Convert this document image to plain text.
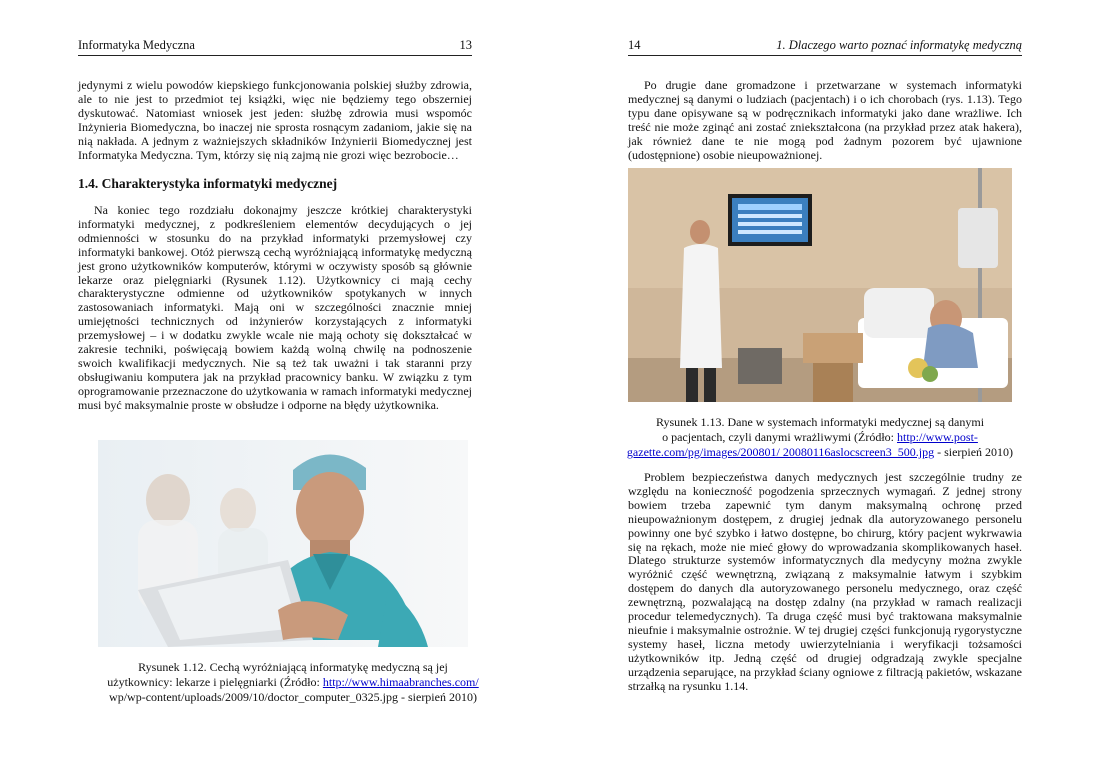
Informatyka Medyczna	13

jedynymi z wielu powodów kiepskiego funkcjonowania polskiej służby zdrowia, ale to nie jest to przedmiot tej książki, więc nie będziemy tego obszerniej dyskutować. Natomiast wniosek jest jeden: służbę zdrowia musi wspomóc Inżynieria Biomedyczna, bo inaczej nie sprosta rosnącym zadaniom, jakie się na nią nakłada. A jednym z ważniejszych składników Inżynierii Biomedycznej jest Informatyka Medyczna. Tym, którzy się nią zajmą nie grozi więc bezrobocie…

1.4. Charakterystyka informatyki medycznej

Na koniec tego rozdziału dokonajmy jeszcze krótkiej charakterystyki informatyki medycznej, z podkreśleniem elementów decydujących o jej odmienności w stosunku do na przykład informatyki przemysłowej czy informatyki bankowej. Otóż pierwszą cechą wyróżniającą informatykę medyczną jest grono użytkowników komputerów, którymi w oczywisty sposób są głównie lekarze oraz pielęgniarki (Rysunek 1.12). Użytkownicy ci mają cechy charakterystyczne odmienne od użytkowników spotykanych w innych zastosowaniach informatyki. Mają oni w szczególności znacznie mniej umiejętności technicznych od inżynierów korzystających z informatyki przemysłowej – i w dodatku zwykle wcale nie mają ochoty się dokształcać w zakresie techniki, poświęcają bowiem każdą wolną chwilę na podnoszenie swoich kwalifikacji medycznych. Nie są też tak uważni i tak staranni przy obsługiwaniu komputera jak na przykład pracownicy banku. W związku z tym oprogramowanie przeznaczone do użytkowania w ramach informatyki medycznej musi być maksymalnie proste w obsłudze i odporne na błędy użytkownika.

Rysunek 1.12. Cechą wyróżniającą informatykę medyczną są jej
użytkownicy: lekarze i pielęgniarki (Źródło: http://www.himaabranches.com/
wp/wp-content/uploads/2009/10/doctor_computer_0325.jpg - sierpień 2010)

14	1. Dlaczego warto poznać informatykę medyczną

Po drugie dane gromadzone i przetwarzane w systemach informatyki medycznej są danymi o ludziach (pacjentach) i o ich chorobach (rys. 1.13). Tego typu dane opisywane są w podręcznikach informatyki jako dane wrażliwe. Ich treść nie może zginąć ani zostać zniekształcona (na przykład przez atak hakera), jak również dane te nie mogą pod żadnym pozorem być ujawnione (udostępnione) osobie nieupoważnionej.

Rysunek 1.13. Dane w systemach informatyki medycznej są danymi
o pacjentach, czyli danymi wrażliwymi (Źródło: http://www.post-
gazette.com/pg/images/200801/ 20080116aslocscreen3_500.jpg - sierpień 2010)

Problem bezpieczeństwa danych medycznych jest szczególnie trudny ze względu na konieczność pogodzenia sprzecznych wymagań. Z jednej strony bowiem trzeba zapewnić tym danym maksymalną ochronę przed nieupoważnionym dostępem, z drugiej jednak dla autoryzowanego personelu powinny one być szybko i łatwo dostępne, bo chirurg, który pacjent wykrwawia się na rękach, może nie mieć głowy do wprowadzania skomplikowanych haseł. Dlatego strukturze systemów informatycznych dla medycyny można zwykle wyróżnić część wewnętrzną, związaną z maksymalnie łatwym i szybkim dostępem do danych dla autoryzowanego personelu medycznego, oraz część zewnętrzną, pozwalającą na dostęp zdalny (na przykład w ramach realizacji procedur telemedycznych). Ta druga część musi być traktowana maksymalnie nieufnie i maksymalnie ostrożnie. W tej drugiej części funkcjonują rygorystyczne systemy haseł, liczna metody uwierzytelniania i weryfikacji tożsamości użytkowników itp. Jedną część od drugiej odgradzają zwykle specjalne urządzenia separujące, na przykład ściany ogniowe z filtracją pakietów, wskazane strzałką na rysunku 1.14.
